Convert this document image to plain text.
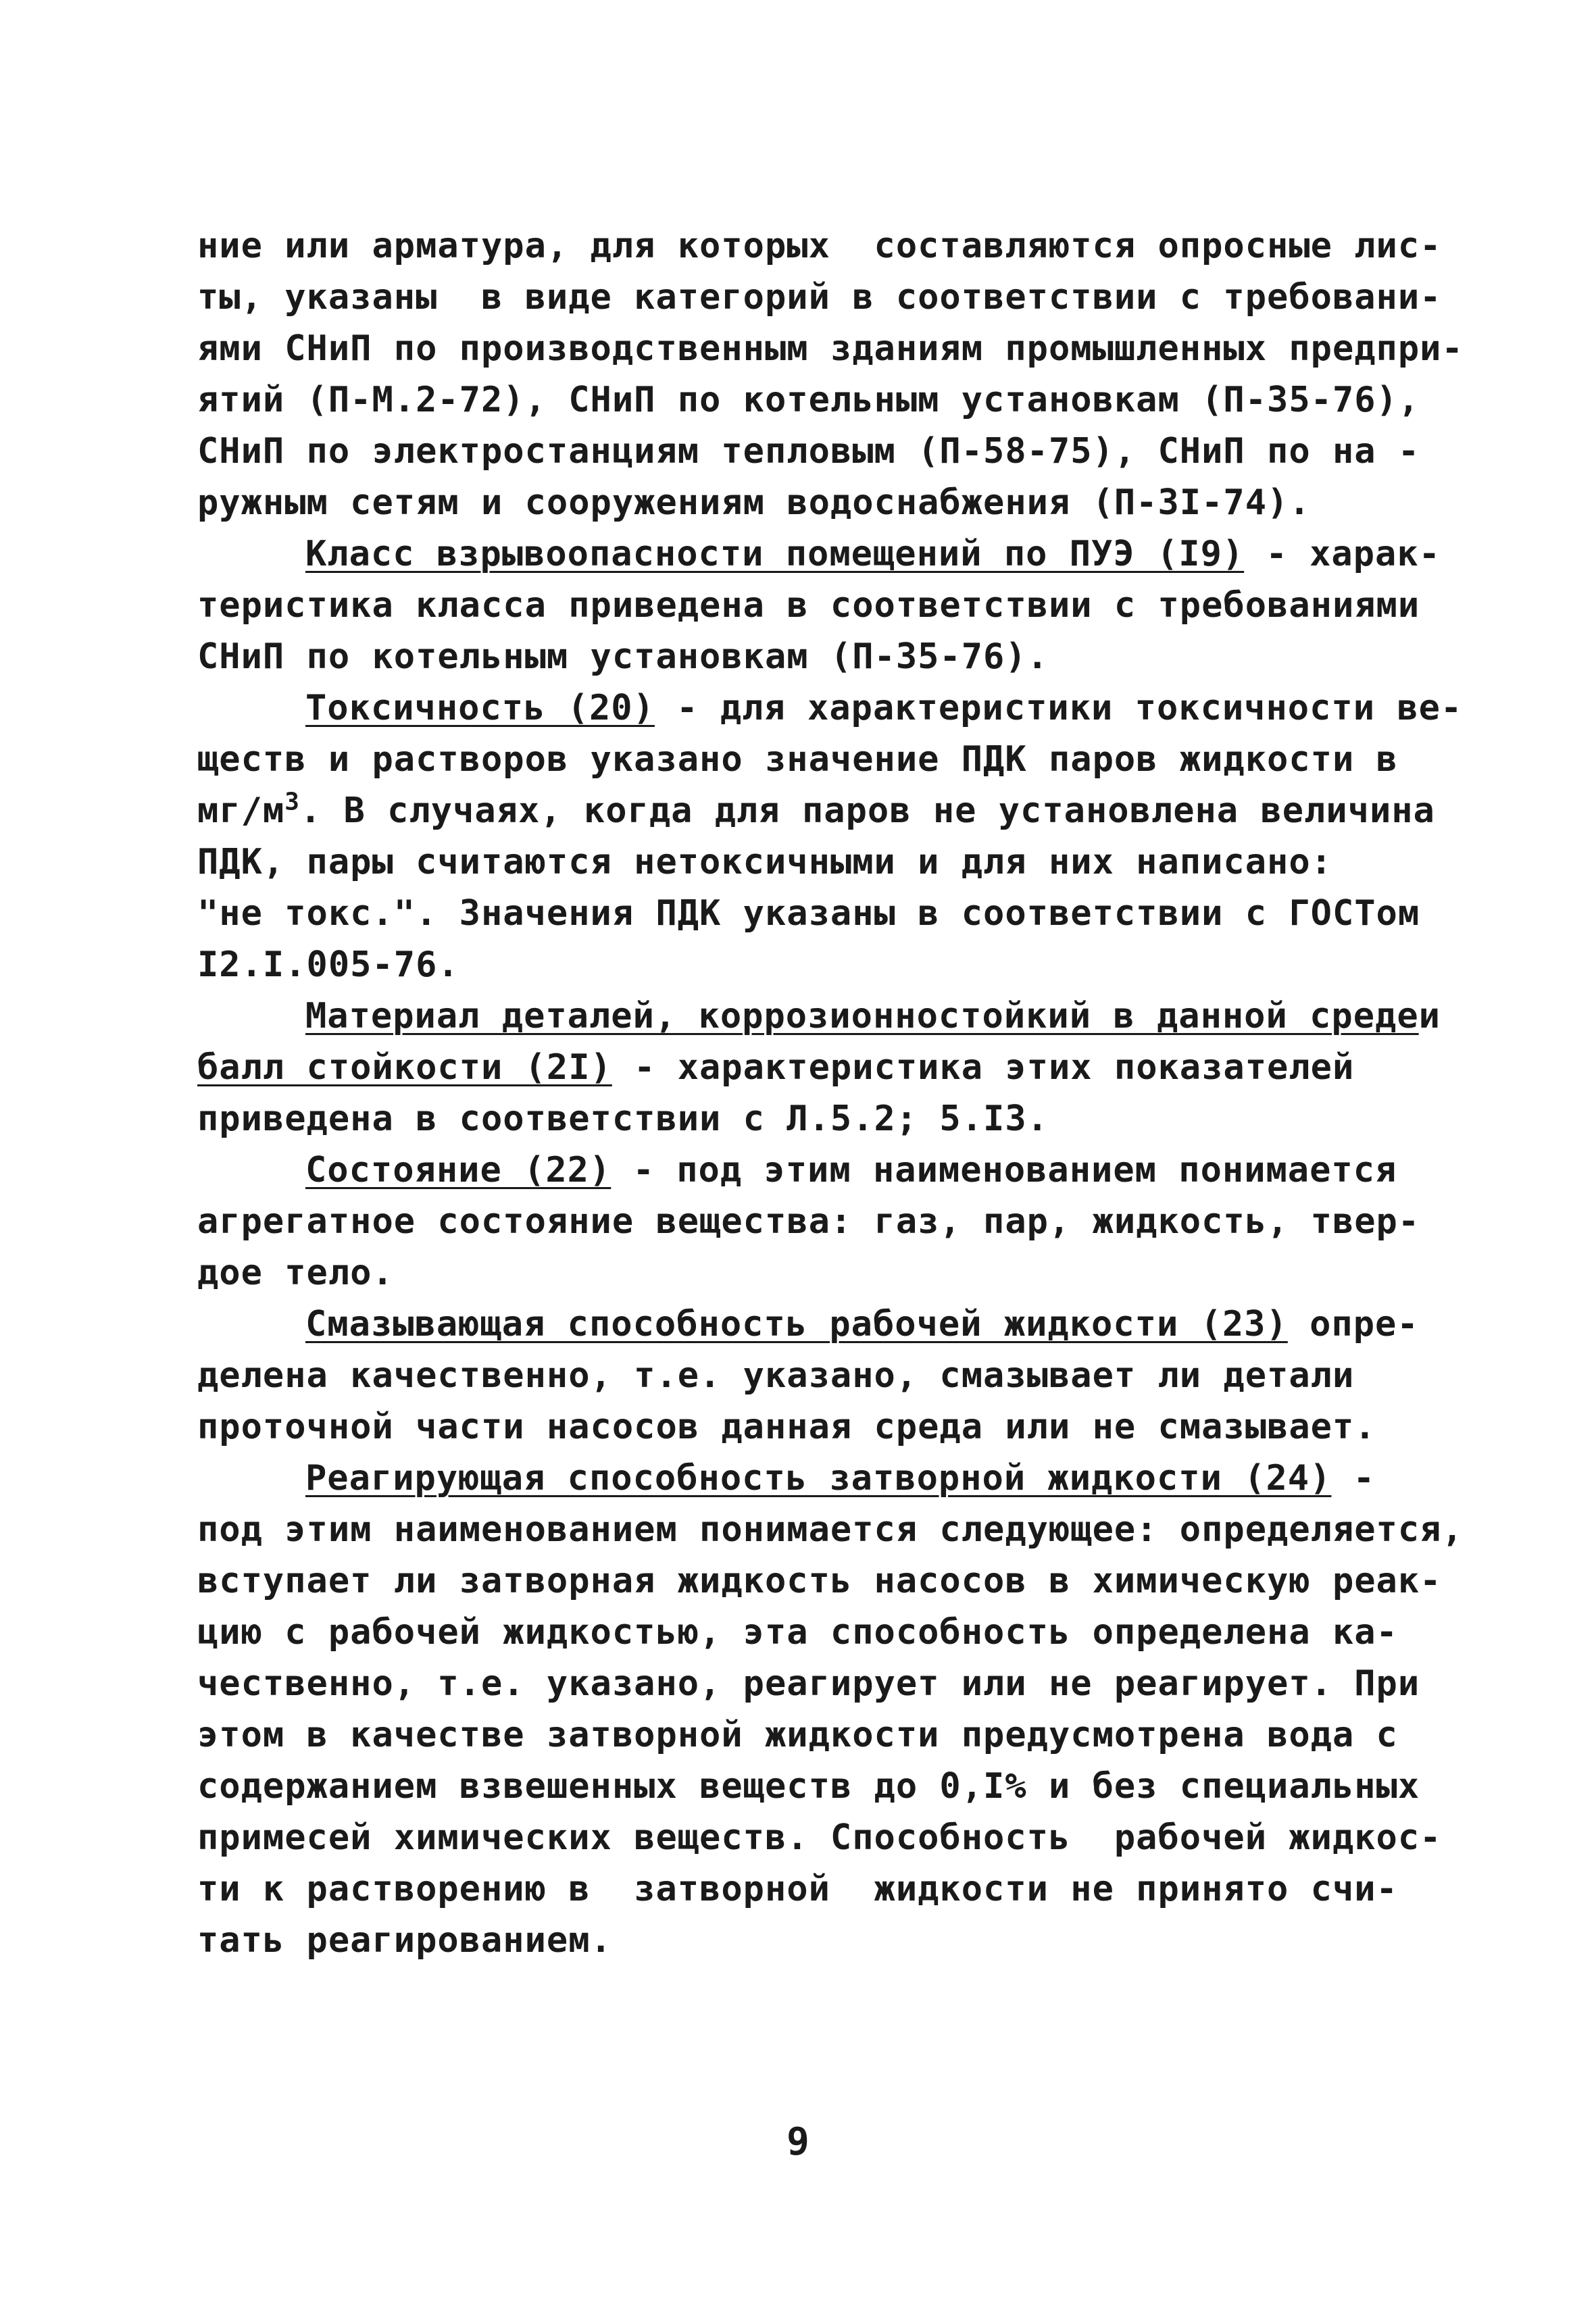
ние или арматура, для которых  составляются опросные лис-
ты, указаны  в виде категорий в соответствии с требовани-
ями СНиП по производственным зданиям промышленных предпри-
ятий (П-М.2-72), СНиП по котельным установкам (П-35-76),
СНиП по электростанциям тепловым (П-58-75), СНиП по на -
ружным сетям и сооружениям водоснабжения (П-3I-74).
Класс взрывоопасности помещений по ПУЭ (I9) - харак-
теристика класса приведена в соответствии с требованиями
СНиП по котельным установкам (П-35-76).
Токсичность (20) - для характеристики токсичности ве-
ществ и растворов указано значение ПДК паров жидкости в
$мг/м^3$. В случаях, когда для паров не установлена величина
ПДК, пары считаются нетоксичными и для них написано:
"не токс.". Значения ПДК указаны в соответствии с ГОСТом
I2.I.005-76.
Материал деталей, коррозионностойкий в данной средеи
балл стойкости (2I) - характеристика этих показателей
приведена в соответствии с Л.5.2; 5.I3.
Состояние (22) - под этим наименованием понимается
агрегатное состояние вещества: газ, пар, жидкость, твер-
дое тело.
Смазывающая способность рабочей жидкости (23) опре-
делена качественно, т.е. указано, смазывает ли детали
проточной части насосов данная среда или не смазывает.
Реагирующая способность затворной жидкости (24) -
под этим наименованием понимается следующее: определяется,
вступает ли затворная жидкость насосов в химическую реак-
цию с рабочей жидкостью, эта способность определена ка-
чественно, т.е. указано, реагирует или не реагирует. При
этом в качестве затворной жидкости предусмотрена вода с
содержанием взвешенных веществ до 0,I% и без специальных
примесей химических веществ. Способность  рабочей жидкос-
ти к растворению в  затворной  жидкости не принято счи-
тать реагированием.
9
